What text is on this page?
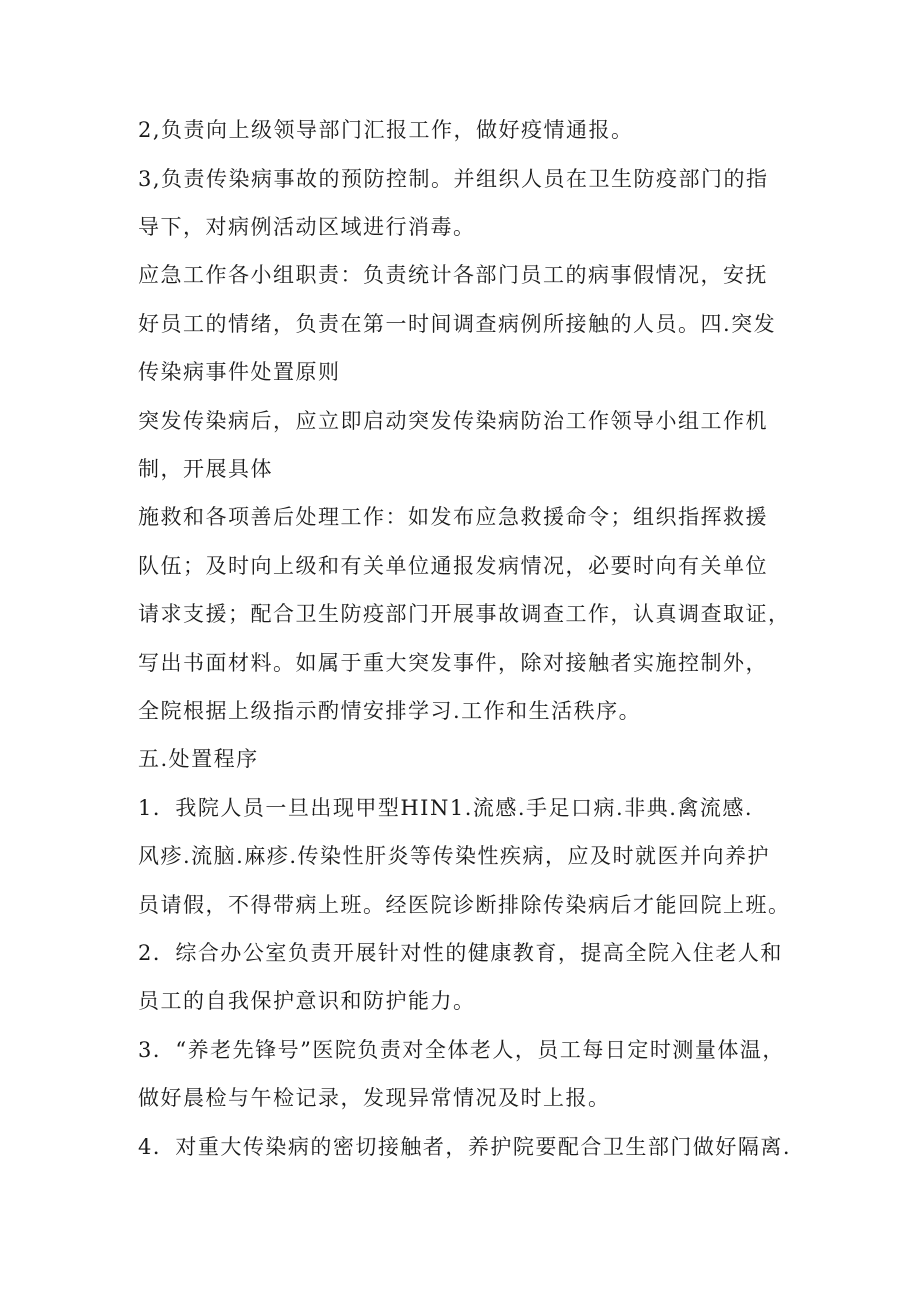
2,负责向上级领导部门汇报工作，做好疫情通报。
3,负责传染病事故的预防控制。并组织人员在卫生防疫部门的指
导下，对病例活动区域进行消毒。
应急工作各小组职责：负责统计各部门员工的病事假情况，安抚
好员工的情绪，负责在第一时间调查病例所接触的人员。四.突发
传染病事件处置原则
突发传染病后，应立即启动突发传染病防治工作领导小组工作机
制，开展具体
施救和各项善后处理工作：如发布应急救援命令；组织指挥救援
队伍；及时向上级和有关单位通报发病情况，必要时向有关单位
请求支援；配合卫生防疫部门开展事故调查工作，认真调查取证，
写出书面材料。如属于重大突发事件，除对接触者实施控制外，
全院根据上级指示酌情安排学习.工作和生活秩序。
五.处置程序
1．我院人员一旦出现甲型HIN1.流感.手足口病.非典.禽流感.
风疹.流脑.麻疹.传染性肝炎等传染性疾病，应及时就医并向养护
员请假，不得带病上班。经医院诊断排除传染病后才能回院上班。
2．综合办公室负责开展针对性的健康教育，提高全院入住老人和
员工的自我保护意识和防护能力。
3．“养老先锋号”医院负责对全体老人，员工每日定时测量体温，
做好晨检与午检记录，发现异常情况及时上报。
4．对重大传染病的密切接触者，养护院要配合卫生部门做好隔离.
